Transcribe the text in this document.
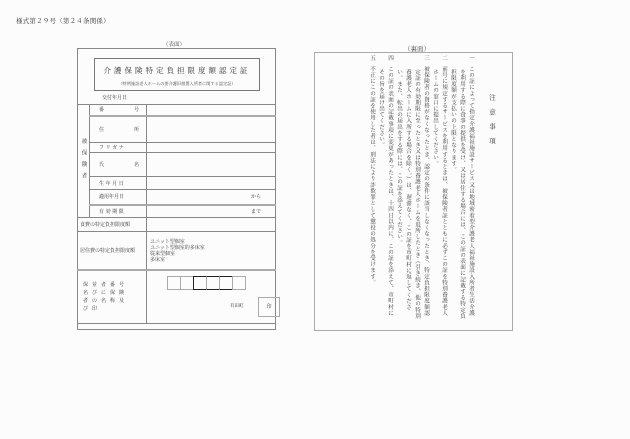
様式第２９号（第２４条関係）
（表面）
介護保険特定負担限度額認定証
（特例施設老人ホームの要介護旧措置入所者に関する認定証）
交付年月日
被保険者	番 号	

	住 所	

	フ リ ガ ナ	

	氏 名	

	生 年 月 日	

	適用年月日	から

	有 効 期 限	まで
食費の特定負担限度額		
居住費の特定負担限度額		ユニット型個室
ユニット型個室的多床室
従来型個室
多床室

保 並 者 番 号
名 び に 保 険
者 の 名 称 及
び 印	有田町	印
（裏面）
注意事項
一この証によって指定介護福祉施設サービス又は地域密着型介護老人福祉施設入所者生活介護を利用する際に食事の提供を受け、又は居住する場合には、この証の表面に記載する特定負担限度額が支払いの上限となります。
二前号に規定するサービスを利用するときは、被保険者証とともに必ずこの証を特別養護老人ホームの窓口に提出してください。
三被保険者の資格がなくなったとき、認定の条件に該当しなくなったとき、特定負担限度額認定証の有効期限に至ったとき又は特別養護老人ホームを退所したとき（引き続き、他の特別養護老人ホームに入所する場合を除く。）は、遅滞なく、この証を市町村に返してください。また、転出の届出をする際には、この証を添えてください。
四この証の表面の記載事項に変更があったときは、十四日以内に、この証を添えて、市町村にその旨を届け出てください。
五不正にこの証を使用した者は、刑法により詐欺罪として懲役の処分を受けます。
